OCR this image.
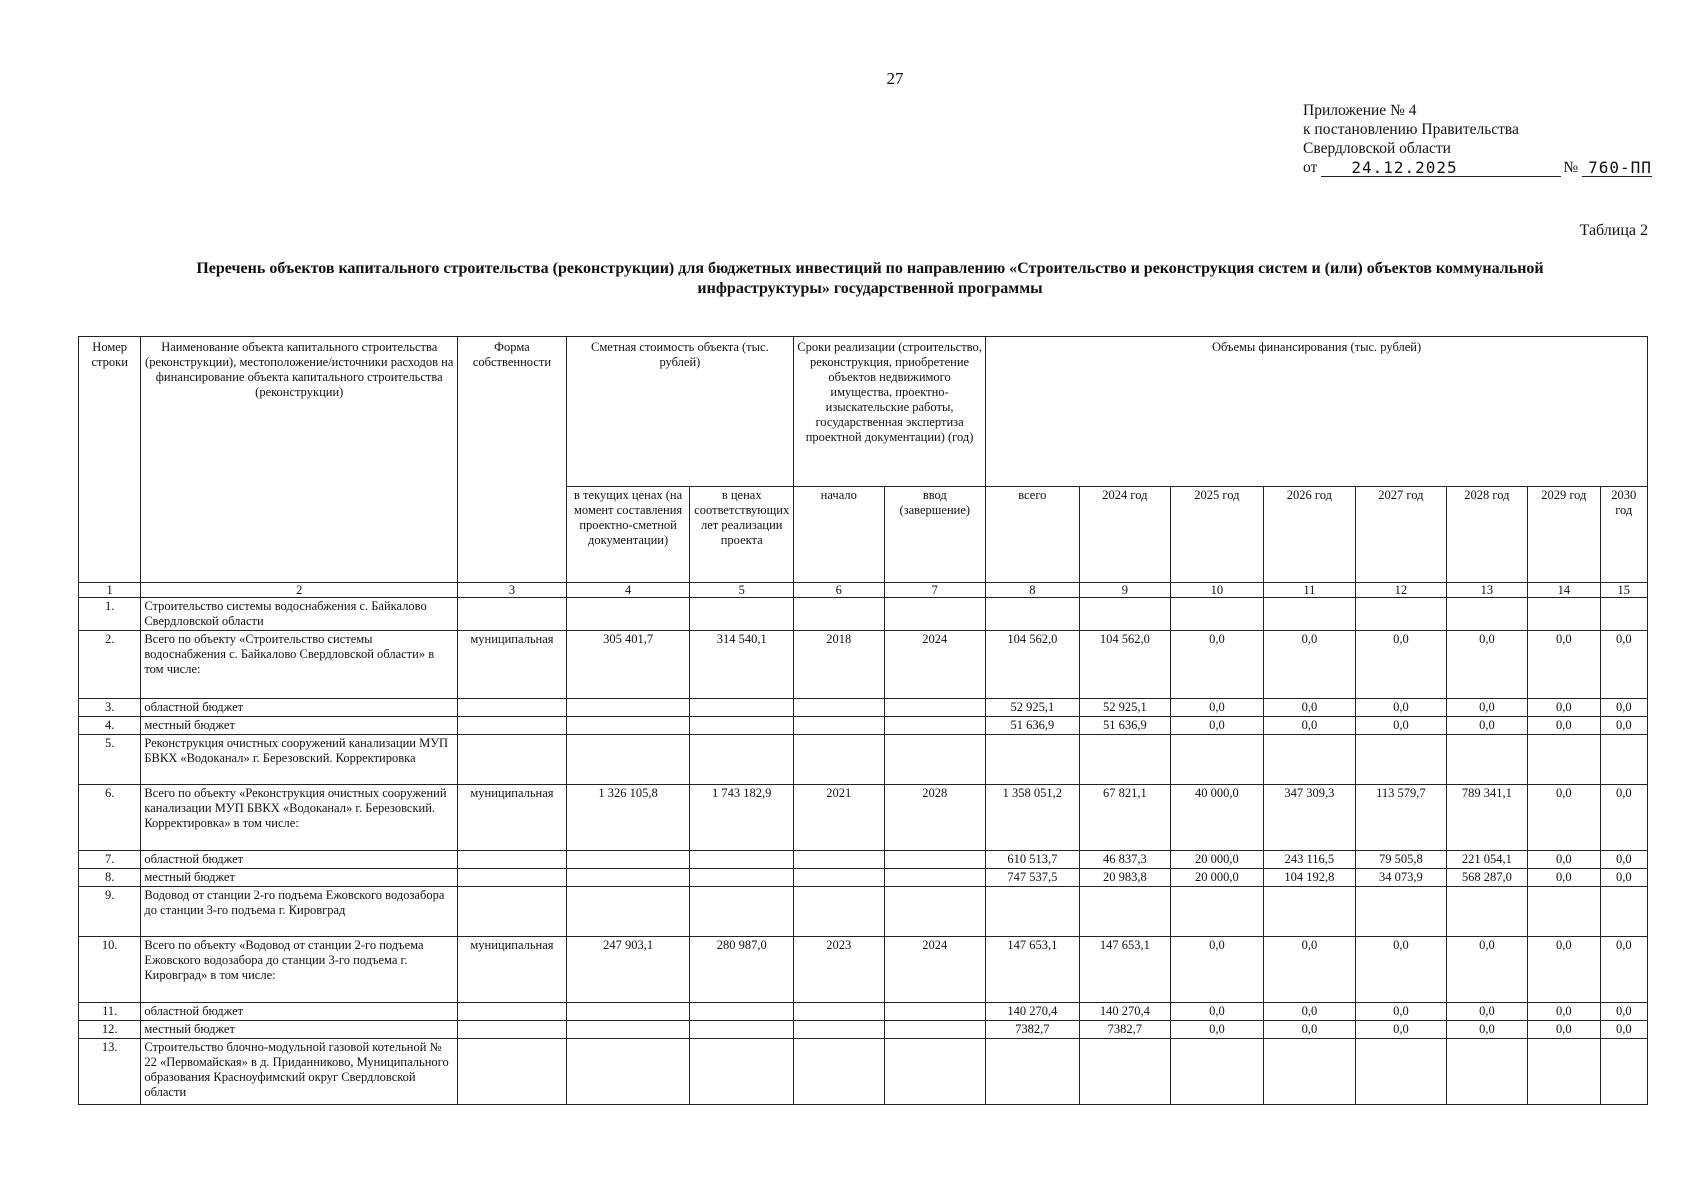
27
Приложение № 4
к постановлению Правительства
Свердловской области
от	24.12.2025	№ 760-ПП
Таблица 2
Перечень объектов капитального строительства (реконструкции) для бюджетных инвестиций по направлению «Строительство и реконструкция систем и (или) объектов коммунальной инфраструктуры» государственной программы
Номер строки	Наименование объекта капитального строительства (реконструкции), местоположение/источники расходов на финансирование объекта капитального строительства (реконструкции)	Форма собственности	Сметная стоимость объекта (тыс. рублей)		Сроки реализации (строительство, реконструкция, приобретение объектов недвижимого имущества, проектно-изыскательские работы, государственная экспертиза проектной документации) (год)		Объемы финансирования (тыс. рублей)							
			в текущих ценах (на момент составления проектно-сметной документации)	в ценах соответствующих лет реализации проекта	начало	ввод (завершение)	всего	2024 год	2025 год	2026 год	2027 год	2028 год	2029 год	2030 год
1	2	3	4	5	6	7	8	9	10	11	12	13	14	15
1.	Строительство системы водоснабжения с. Байкалово Свердловской области													
2.	Всего по объекту «Строительство системы водоснабжения с. Байкалово Свердловской области» в том числе:	муниципальная	305 401,7	314 540,1	2018	2024	104 562,0	104 562,0	0,0	0,0	0,0	0,0	0,0	0,0
3.	областной бюджет						52 925,1	52 925,1	0,0	0,0	0,0	0,0	0,0	0,0
4.	местный бюджет						51 636,9	51 636,9	0,0	0,0	0,0	0,0	0,0	0,0
5.	Реконструкция очистных сооружений канализации МУП БВКХ «Водоканал» г. Березовский. Корректировка													
6.	Всего по объекту «Реконструкция очистных сооружений канализации МУП БВКХ «Водоканал» г. Березовский. Корректировка» в том числе:	муниципальная	1 326 105,8	1 743 182,9	2021	2028	1 358 051,2	67 821,1	40 000,0	347 309,3	113 579,7	789 341,1	0,0	0,0
7.	областной бюджет						610 513,7	46 837,3	20 000,0	243 116,5	79 505,8	221 054,1	0,0	0,0
8.	местный бюджет						747 537,5	20 983,8	20 000,0	104 192,8	34 073,9	568 287,0	0,0	0,0
9.	Водовод от станции 2-го подъема Ежовского водозабора до станции 3-го подъема г. Кировград													
10.	Всего по объекту «Водовод от станции 2-го подъема Ежовского водозабора до станции 3-го подъема г. Кировград» в том числе:	муниципальная	247 903,1	280 987,0	2023	2024	147 653,1	147 653,1	0,0	0,0	0,0	0,0	0,0	0,0
11.	областной бюджет						140 270,4	140 270,4	0,0	0,0	0,0	0,0	0,0	0,0
12.	местный бюджет						7382,7	7382,7	0,0	0,0	0,0	0,0	0,0	0,0
13.	Строительство блочно-модульной газовой котельной № 22 «Первомайская» в д. Приданниково, Муниципального образования Красноуфимский округ Свердловской области													
